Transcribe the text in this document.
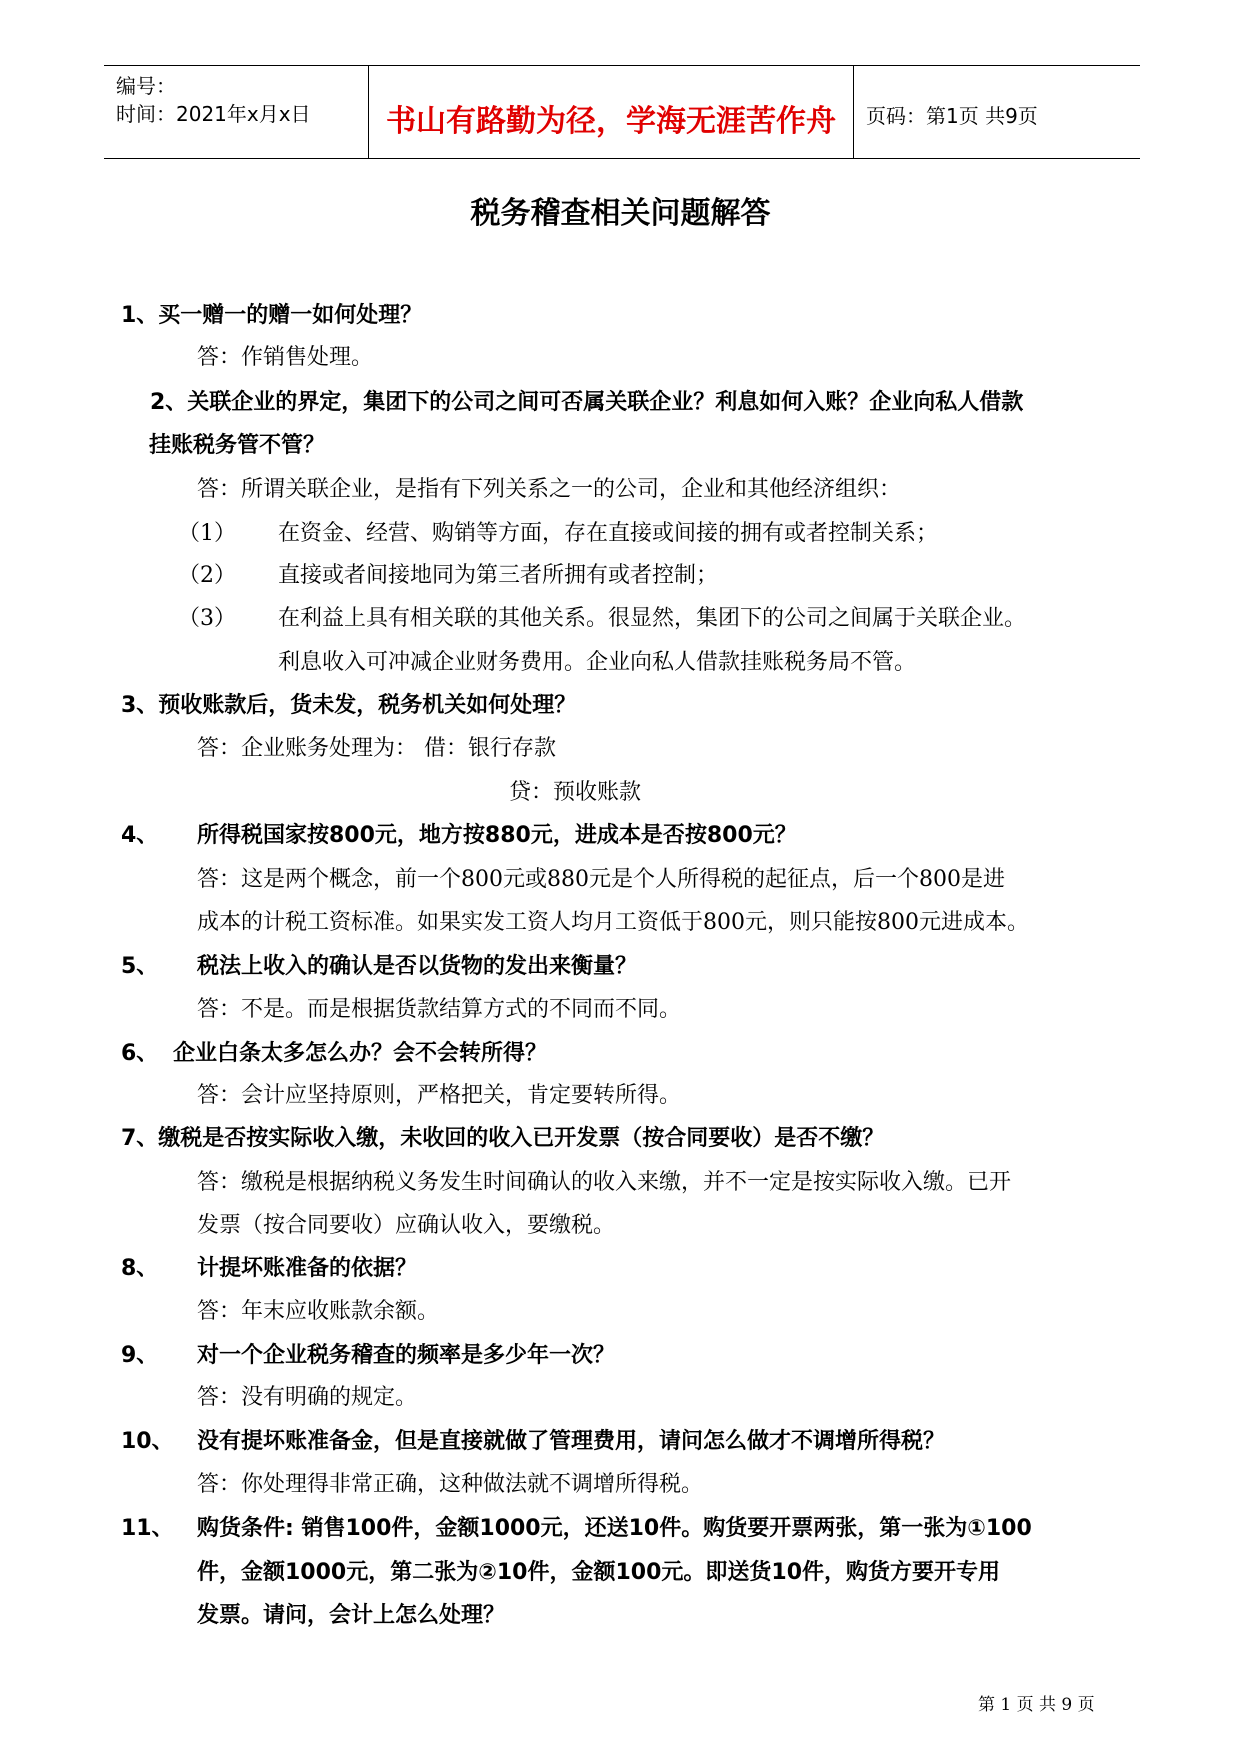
编号：
时间：2021年x月x日	书山有路勤为径，学海无涯苦作舟	页码：第1页 共9页
税务稽查相关问题解答
1、买一赠一的赠一如何处理？
答：作销售处理。
2、关联企业的界定，集团下的公司之间可否属关联企业？利息如何入账？企业向私人借款
挂账税务管不管？
答：所谓关联企业，是指有下列关系之一的公司，企业和其他经济组织：
（1） 在资金、经营、购销等方面，存在直接或间接的拥有或者控制关系；
（2） 直接或者间接地同为第三者所拥有或者控制；
（3） 在利益上具有相关联的其他关系。很显然，集团下的公司之间属于关联企业。
利息收入可冲减企业财务费用。企业向私人借款挂账税务局不管。
3、预收账款后，货未发，税务机关如何处理？
答：企业账务处理为： 借：银行存款
贷：预收账款
4、 所得税国家按800元，地方按880元，进成本是否按800元？
答：这是两个概念，前一个800元或880元是个人所得税的起征点，后一个800是进
成本的计税工资标准。如果实发工资人均月工资低于800元，则只能按800元进成本。
5、 税法上收入的确认是否以货物的发出来衡量？
答：不是。而是根据货款结算方式的不同而不同。
6、 企业白条太多怎么办？会不会转所得？
答：会计应坚持原则，严格把关，肯定要转所得。
7、缴税是否按实际收入缴，未收回的收入已开发票（按合同要收）是否不缴？
答：缴税是根据纳税义务发生时间确认的收入来缴，并不一定是按实际收入缴。已开
发票（按合同要收）应确认收入，要缴税。
8、 计提坏账准备的依据？
答：年末应收账款余额。
9、 对一个企业税务稽查的频率是多少年一次？
答：没有明确的规定。
10、 没有提坏账准备金，但是直接就做了管理费用，请问怎么做才不调增所得税？
答：你处理得非常正确，这种做法就不调增所得税。
11、 购货条件: 销售100件，金额1000元，还送10件。购货要开票两张，第一张为①100
件，金额1000元，第二张为②10件，金额100元。即送货10件，购货方要开专用
发票。请问，会计上怎么处理？
第 1 页 共 9 页
